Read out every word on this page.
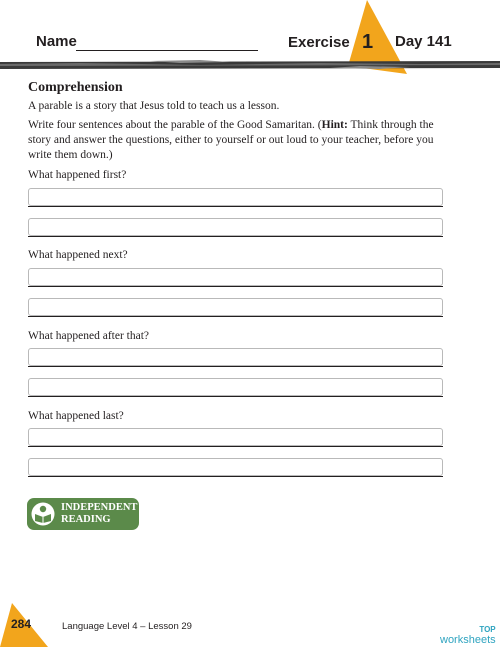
Name	Exercise 1 Day 141
Comprehension

A parable is a story that Jesus told to teach us a lesson.

Write four sentences about the parable of the Good Samaritan. (Hint: Think through the story and answer the questions, either to yourself or out loud to your teacher, before you write them down.)

What happened first?
What happened next?
What happened after that?
What happened last?
INDEPENDENT
READING
284	Language Level 4 – Lesson 29	TOP
worksheets
